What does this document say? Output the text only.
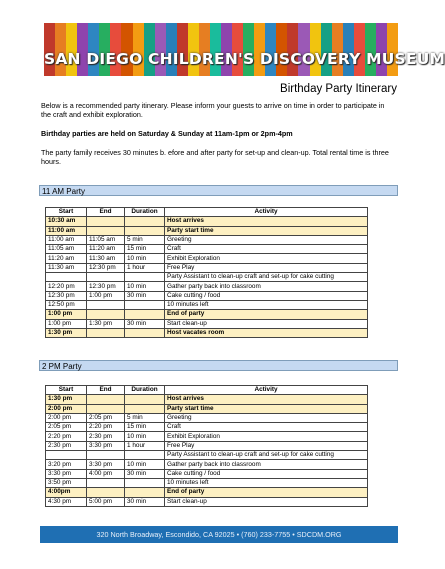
SAN DIEGO CHILDREN'S DISCOVERY MUSEUM
Birthday Party Itinerary
Below is a recommended party itinerary. Please inform your guests to arrive on time in order to participate in the craft and exhibit exploration.
Birthday parties are held on Saturday & Sunday at 11am-1pm or 2pm-4pm
The party family receives 30 minutes b. efore and after party for set-up and clean-up. Total rental time is three hours.
11 AM Party
Start	End	Duration	Activity
10:30 am			Host arrives
11:00 am			Party start time
11:00 am	11:05 am	5 min	Greeting
11:05 am	11:20 am	15 min	Craft
11:20 am	11:30 am	10 min	Exhibit Exploration
11:30 am	12:30 pm	1 hour	Free Play
			Party Assistant to clean-up craft and set-up for cake cutting
12:20 pm	12:30 pm	10 min	Gather party back into classroom
12:30 pm	1:00 pm	30 min	Cake cutting / food
12:50 pm			10 minutes left
1:00 pm			End of party
1:00 pm	1:30 pm	30 min	Start clean-up
1:30 pm			Host vacates room
2 PM Party
Start	End	Duration	Activity
1:30 pm			Host arrives
2:00 pm			Party start time
2:00 pm	2:05 pm	5 min	Greeting
2:05 pm	2:20 pm	15 min	Craft
2:20 pm	2:30 pm	10 min	Exhibit Exploration
2:30 pm	3:30 pm	1 hour	Free Play
			Party Assistant to clean-up craft and set-up for cake cutting
3:20 pm	3:30 pm	10 min	Gather party back into classroom
3:30 pm	4:00 pm	30 min	Cake cutting / food
3:50 pm			10 minutes left
4:00pm			End of party
4:30 pm	5:00 pm	30 min	Start clean-up
320 North Broadway, Escondido, CA 92025 • (760) 233-7755 • SDCDM.ORG
